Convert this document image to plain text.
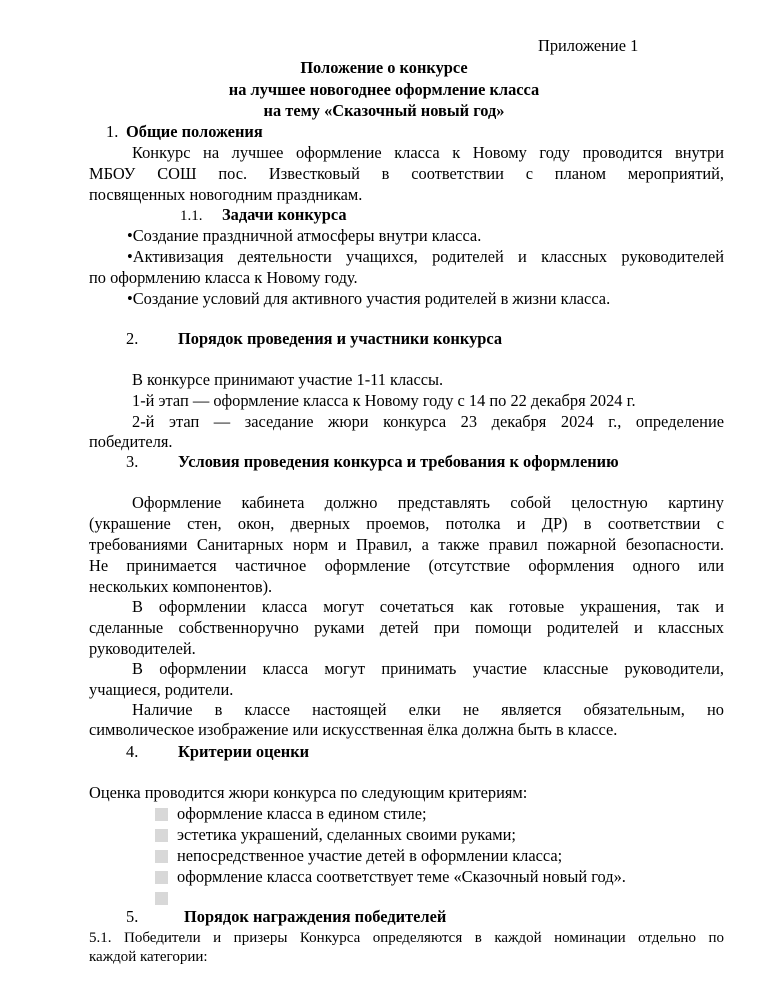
Приложение 1
Положение о конкурсе
на лучшее новогоднее оформление класса
на тему «Сказочный новый год»
1. Общие положения
Конкурс на лучшее оформление класса к Новому году проводится внутри
МБОУ СОШ пос. Известковый в соответствии с планом мероприятий,
посвященных новогодним праздникам.
1.1. Задачи конкурса
•Создание праздничной атмосферы внутри класса.
•Активизация деятельности учащихся, родителей и классных руководителей
по оформлению класса к Новому году.
•Создание условий для активного участия родителей в жизни класса.
2. Порядок проведения и участники конкурса
В конкурсе принимают участие 1-11 классы.
1-й этап — оформление класса к Новому году с 14 по 22 декабря 2024 г.
2-й этап — заседание жюри конкурса 23 декабря 2024 г., определение
победителя.
3. Условия проведения конкурса и требования к оформлению
Оформление кабинета должно представлять собой целостную картину
(украшение стен, окон, дверных проемов, потолка и ДР) в соответствии с
требованиями Санитарных норм и Правил, а также правил пожарной безопасности.
Не принимается частичное оформление (отсутствие оформления одного или
нескольких компонентов).
В оформлении класса могут сочетаться как готовые украшения, так и
сделанные собственноручно руками детей при помощи родителей и классных
руководителей.
В оформлении класса могут принимать участие классные руководители,
учащиеся, родители.
Наличие в классе настоящей елки не является обязательным, но
символическое изображение или искусственная ёлка должна быть в классе.
4. Критерии оценки
Оценка проводится жюри конкурса по следующим критериям:
оформление класса в едином стиле;
эстетика украшений, сделанных своими руками;
непосредственное участие детей в оформлении класса;
оформление класса соответствует теме «Сказочный новый год».
5.	Порядок награждения победителей
5.1. Победители и призеры Конкурса определяются в каждой номинации отдельно по
каждой категории:
